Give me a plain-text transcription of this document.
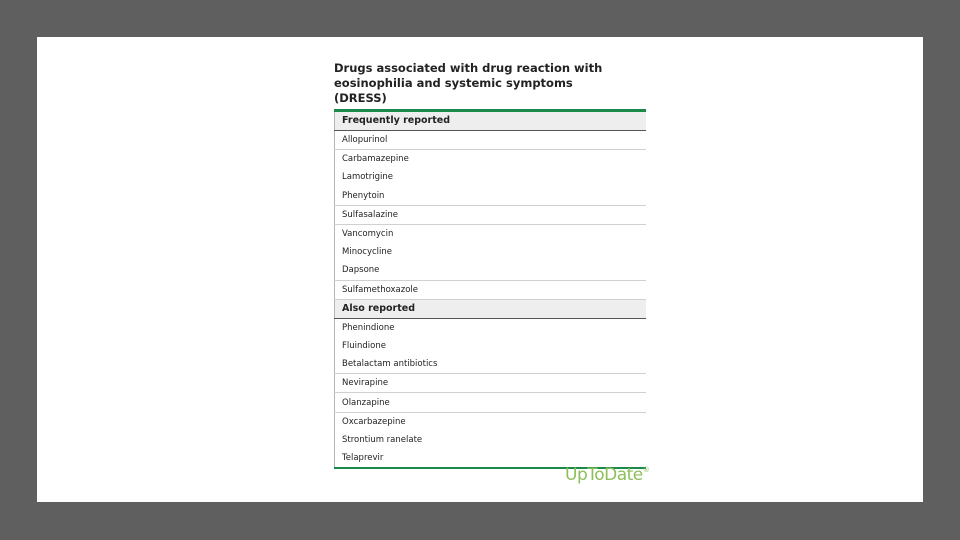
Drugs associated with drug reaction with
eosinophilia and systemic symptoms (DRESS)
Frequently reported
Allopurinol
Carbamazepine
Lamotrigine
Phenytoin
Sulfasalazine
Vancomycin
Minocycline
Dapsone
Sulfamethoxazole
Also reported
Phenindione
Fluindione
Betalactam antibiotics
Nevirapine
Olanzapine
Oxcarbazepine
Strontium ranelate
Telaprevir
UpToDate®
